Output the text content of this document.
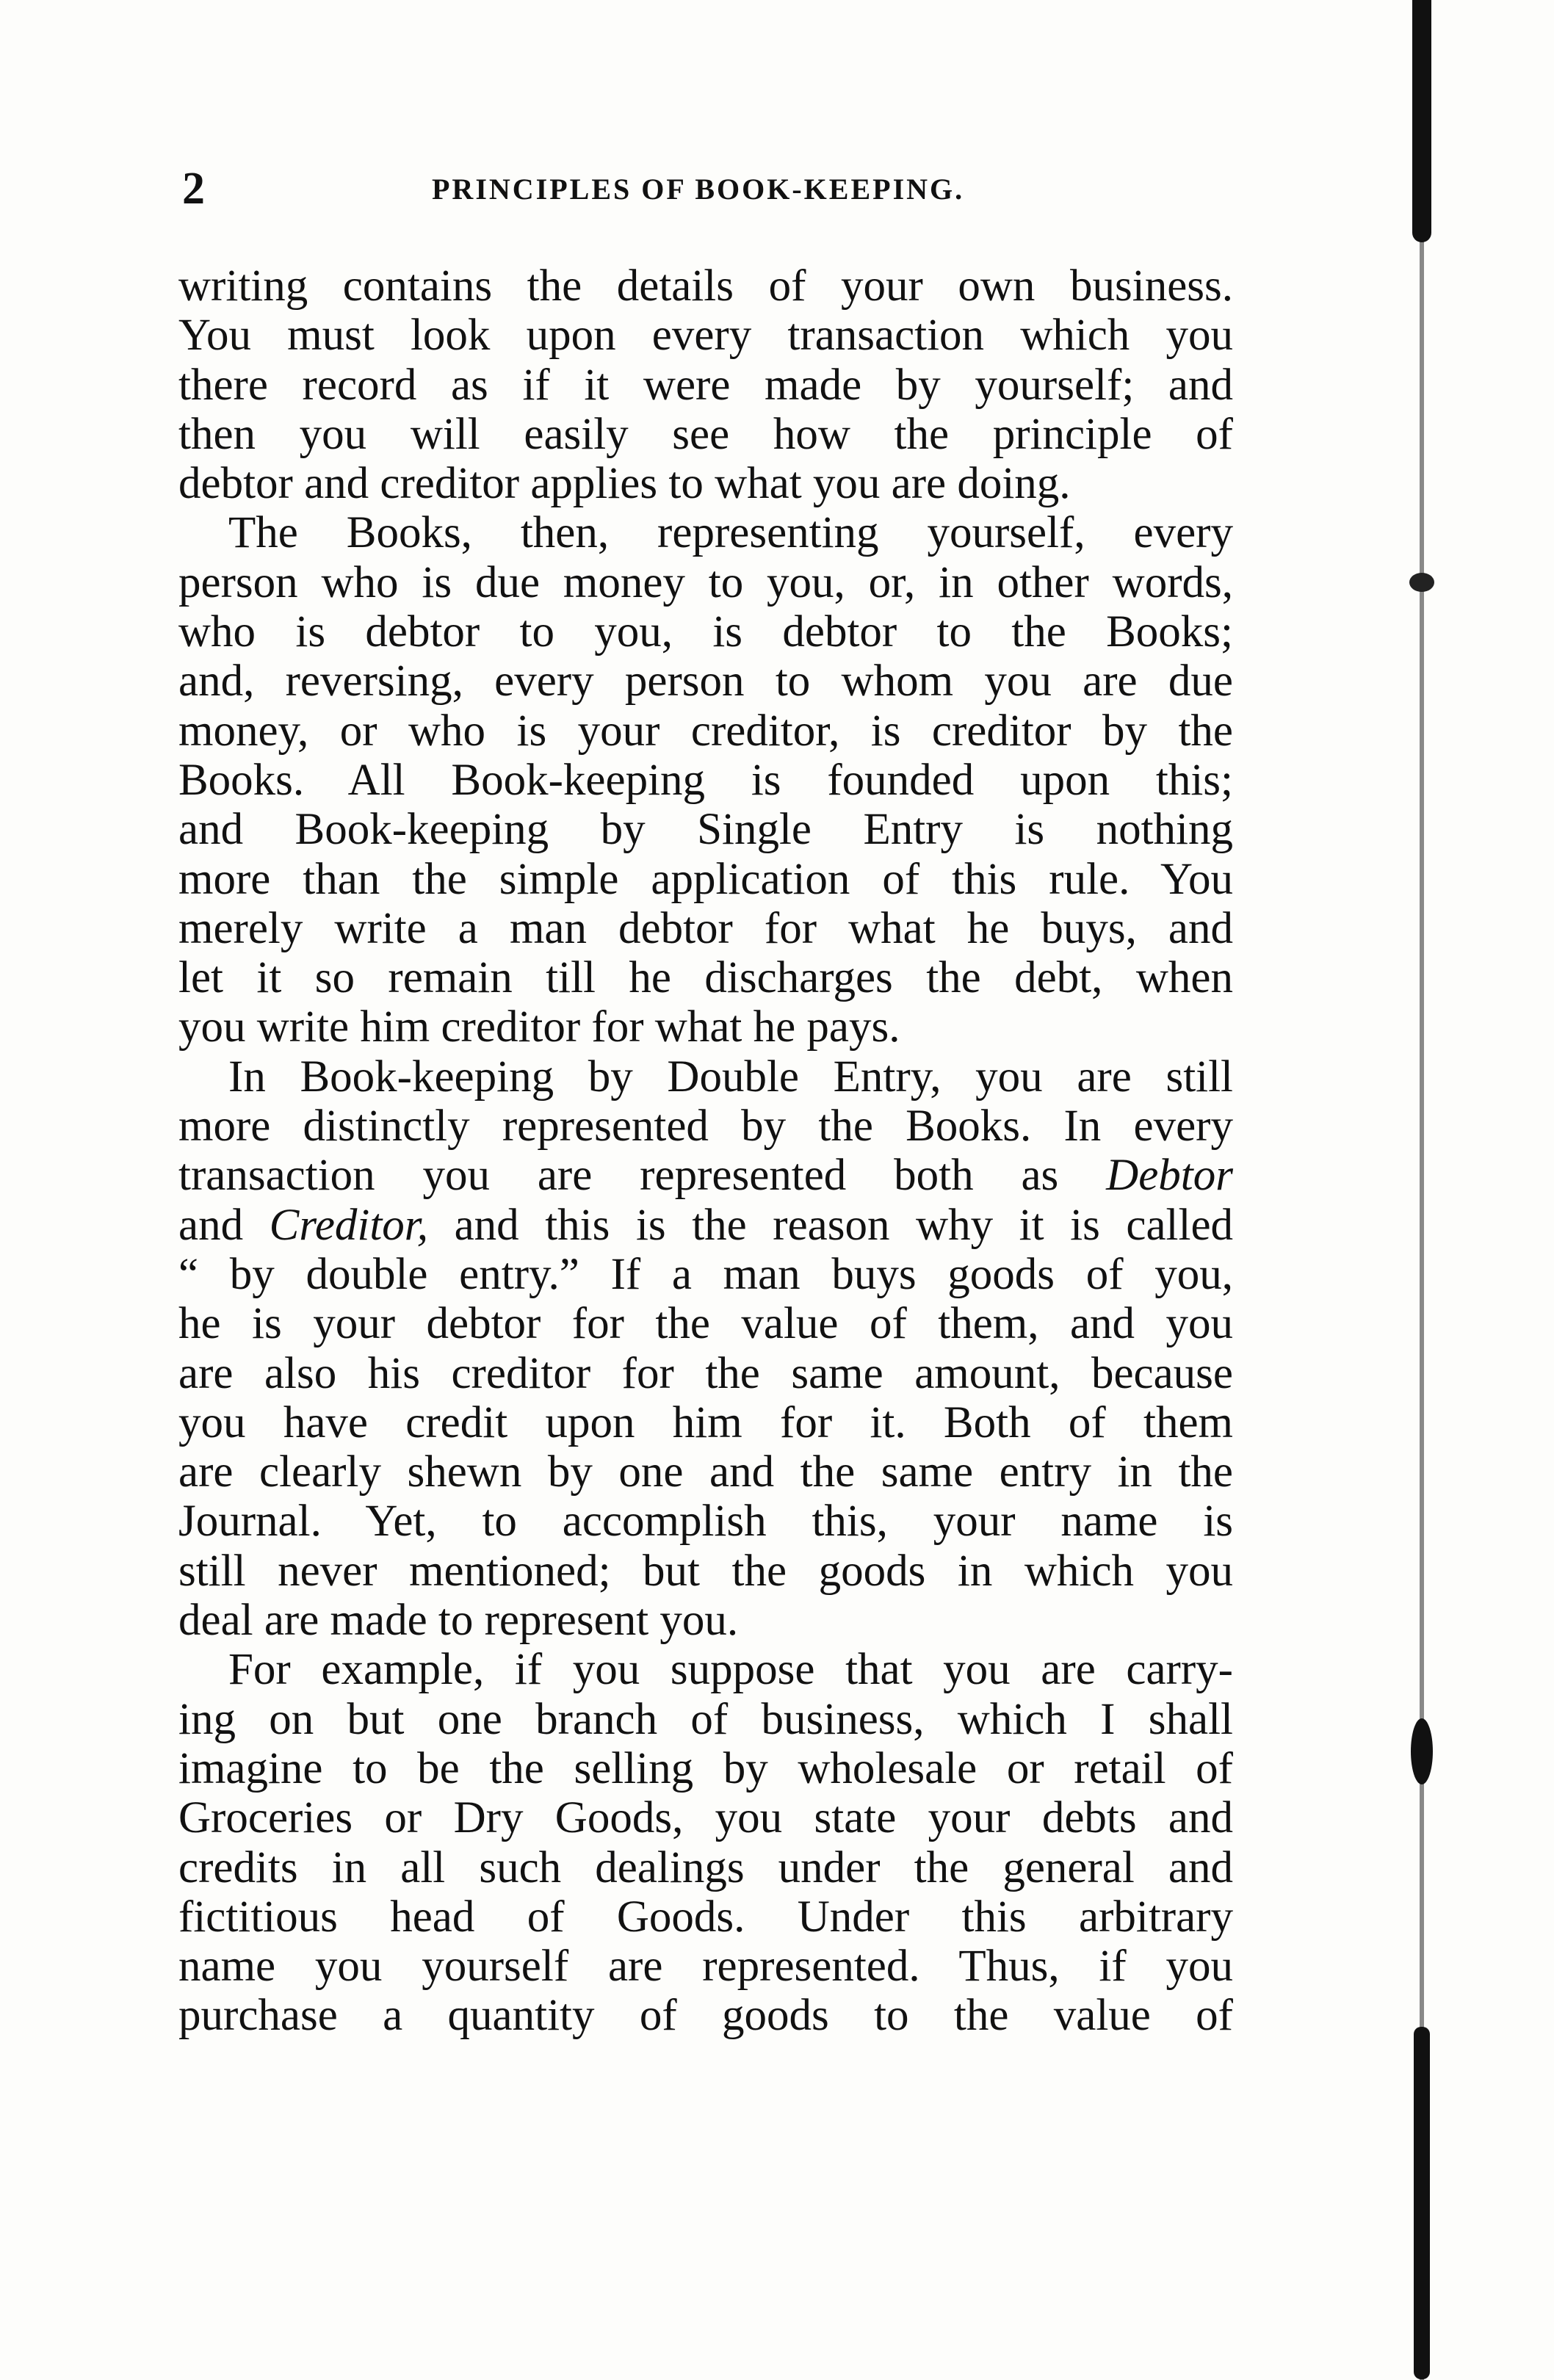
2	PRINCIPLES OF BOOK-KEEPING.
writing contains the details of your own business.
You must look upon every transaction which you
there record as if it were made by yourself; and
then you will easily see how the principle of
debtor and creditor applies to what you are doing.
The Books, then, representing yourself, every
person who is due money to you, or, in other words,
who is debtor to you, is debtor to the Books;
and, reversing, every person to whom you are due
money, or who is your creditor, is creditor by the
Books. All Book-keeping is founded upon this;
and Book-keeping by Single Entry is nothing
more than the simple application of this rule. You
merely write a man debtor for what he buys, and
let it so remain till he discharges the debt, when
you write him creditor for what he pays.
In Book-keeping by Double Entry, you are still
more distinctly represented by the Books. In every
transaction you are represented both as Debtor
and Creditor, and this is the reason why it is called
“ by double entry.” If a man buys goods of you,
he is your debtor for the value of them, and you
are also his creditor for the same amount, because
you have credit upon him for it. Both of them
are clearly shewn by one and the same entry in the
Journal. Yet, to accomplish this, your name is
still never mentioned; but the goods in which you
deal are made to represent you.
For example, if you suppose that you are carry-
ing on but one branch of business, which I shall
imagine to be the selling by wholesale or retail of
Groceries or Dry Goods, you state your debts and
credits in all such dealings under the general and
fictitious head of Goods. Under this arbitrary
name you yourself are represented. Thus, if you
purchase a quantity of goods to the value of
